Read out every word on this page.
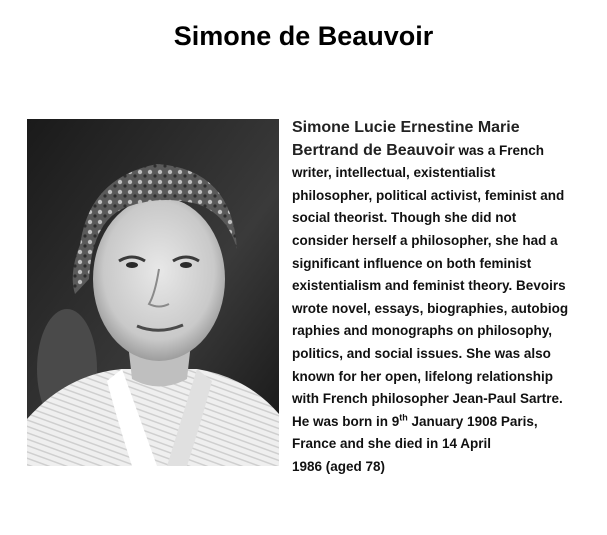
Simone de Beauvoir
Simone Lucie Ernestine Marie
Bertrand de Beauvoir was a French
writer, intellectual, existentialist
philosopher, political activist, feminist and
social theorist. Though she did not
consider herself a philosopher, she had a
significant influence on both feminist
existentialism and feminist theory. Bevoirs
wrote novel, essays, biographies, autobiog
raphies and monographs on philosophy,
politics, and social issues. She was also
known for her open, lifelong relationship
with French philosopher Jean-Paul Sartre.
He was born in 9th January 1908 Paris,
France and she died in 14 April
1986 (aged 78)
